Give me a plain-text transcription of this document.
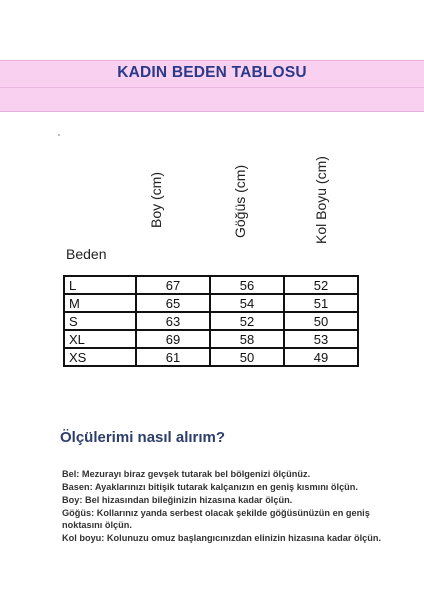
KADIN BEDEN TABLOSU
Boy (cm)	Göğüs (cm)	Kol Boyu (cm)
Beden
L	67	56	52
M	65	54	51
S	63	52	50
XL	69	58	53
XS	61	50	49
Ölçülerimi nasıl alırım?

Bel: Mezurayı biraz gevşek tutarak bel bölgenizi ölçünüz.

Basen: Ayaklarınızı bitişik tutarak kalçanızın en geniş kısmını ölçün.

Boy: Bel hizasından bileğinizin hizasına kadar ölçün.

Göğüs: Kollarınız yanda serbest olacak şekilde göğüsünüzün en geniş noktasını ölçün.

Kol boyu: Kolunuzu omuz başlangıcınızdan elinizin hizasına kadar ölçün.
